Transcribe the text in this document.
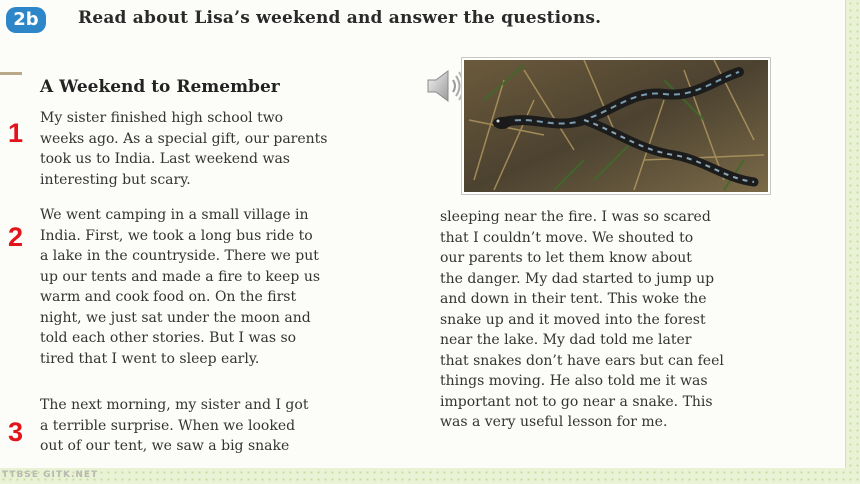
2b	Read about Lisa’s weekend and answer the questions.
A Weekend to Remember
My sister finished high school two
weeks ago. As a special gift, our parents
took us to India. Last weekend was
interesting but scary.
We went camping in a small village in
India. First, we took a long bus ride to
a lake in the countryside. There we put
up our tents and made a fire to keep us
warm and cook food on. On the first
night, we just sat under the moon and
told each other stories. But I was so
tired that I went to sleep early.
The next morning, my sister and I got
a terrible surprise. When we looked
out of our tent, we saw a big snake
sleeping near the fire. I was so scared
that I couldn’t move. We shouted to
our parents to let them know about
the danger. My dad started to jump up
and down in their tent. This woke the
snake up and it moved into the forest
near the lake. My dad told me later
that snakes don’t have ears but can feel
things moving. He also told me it was
important not to go near a snake. This
was a very useful lesson for me.
1
2
3
TTBSE GITK.NET
